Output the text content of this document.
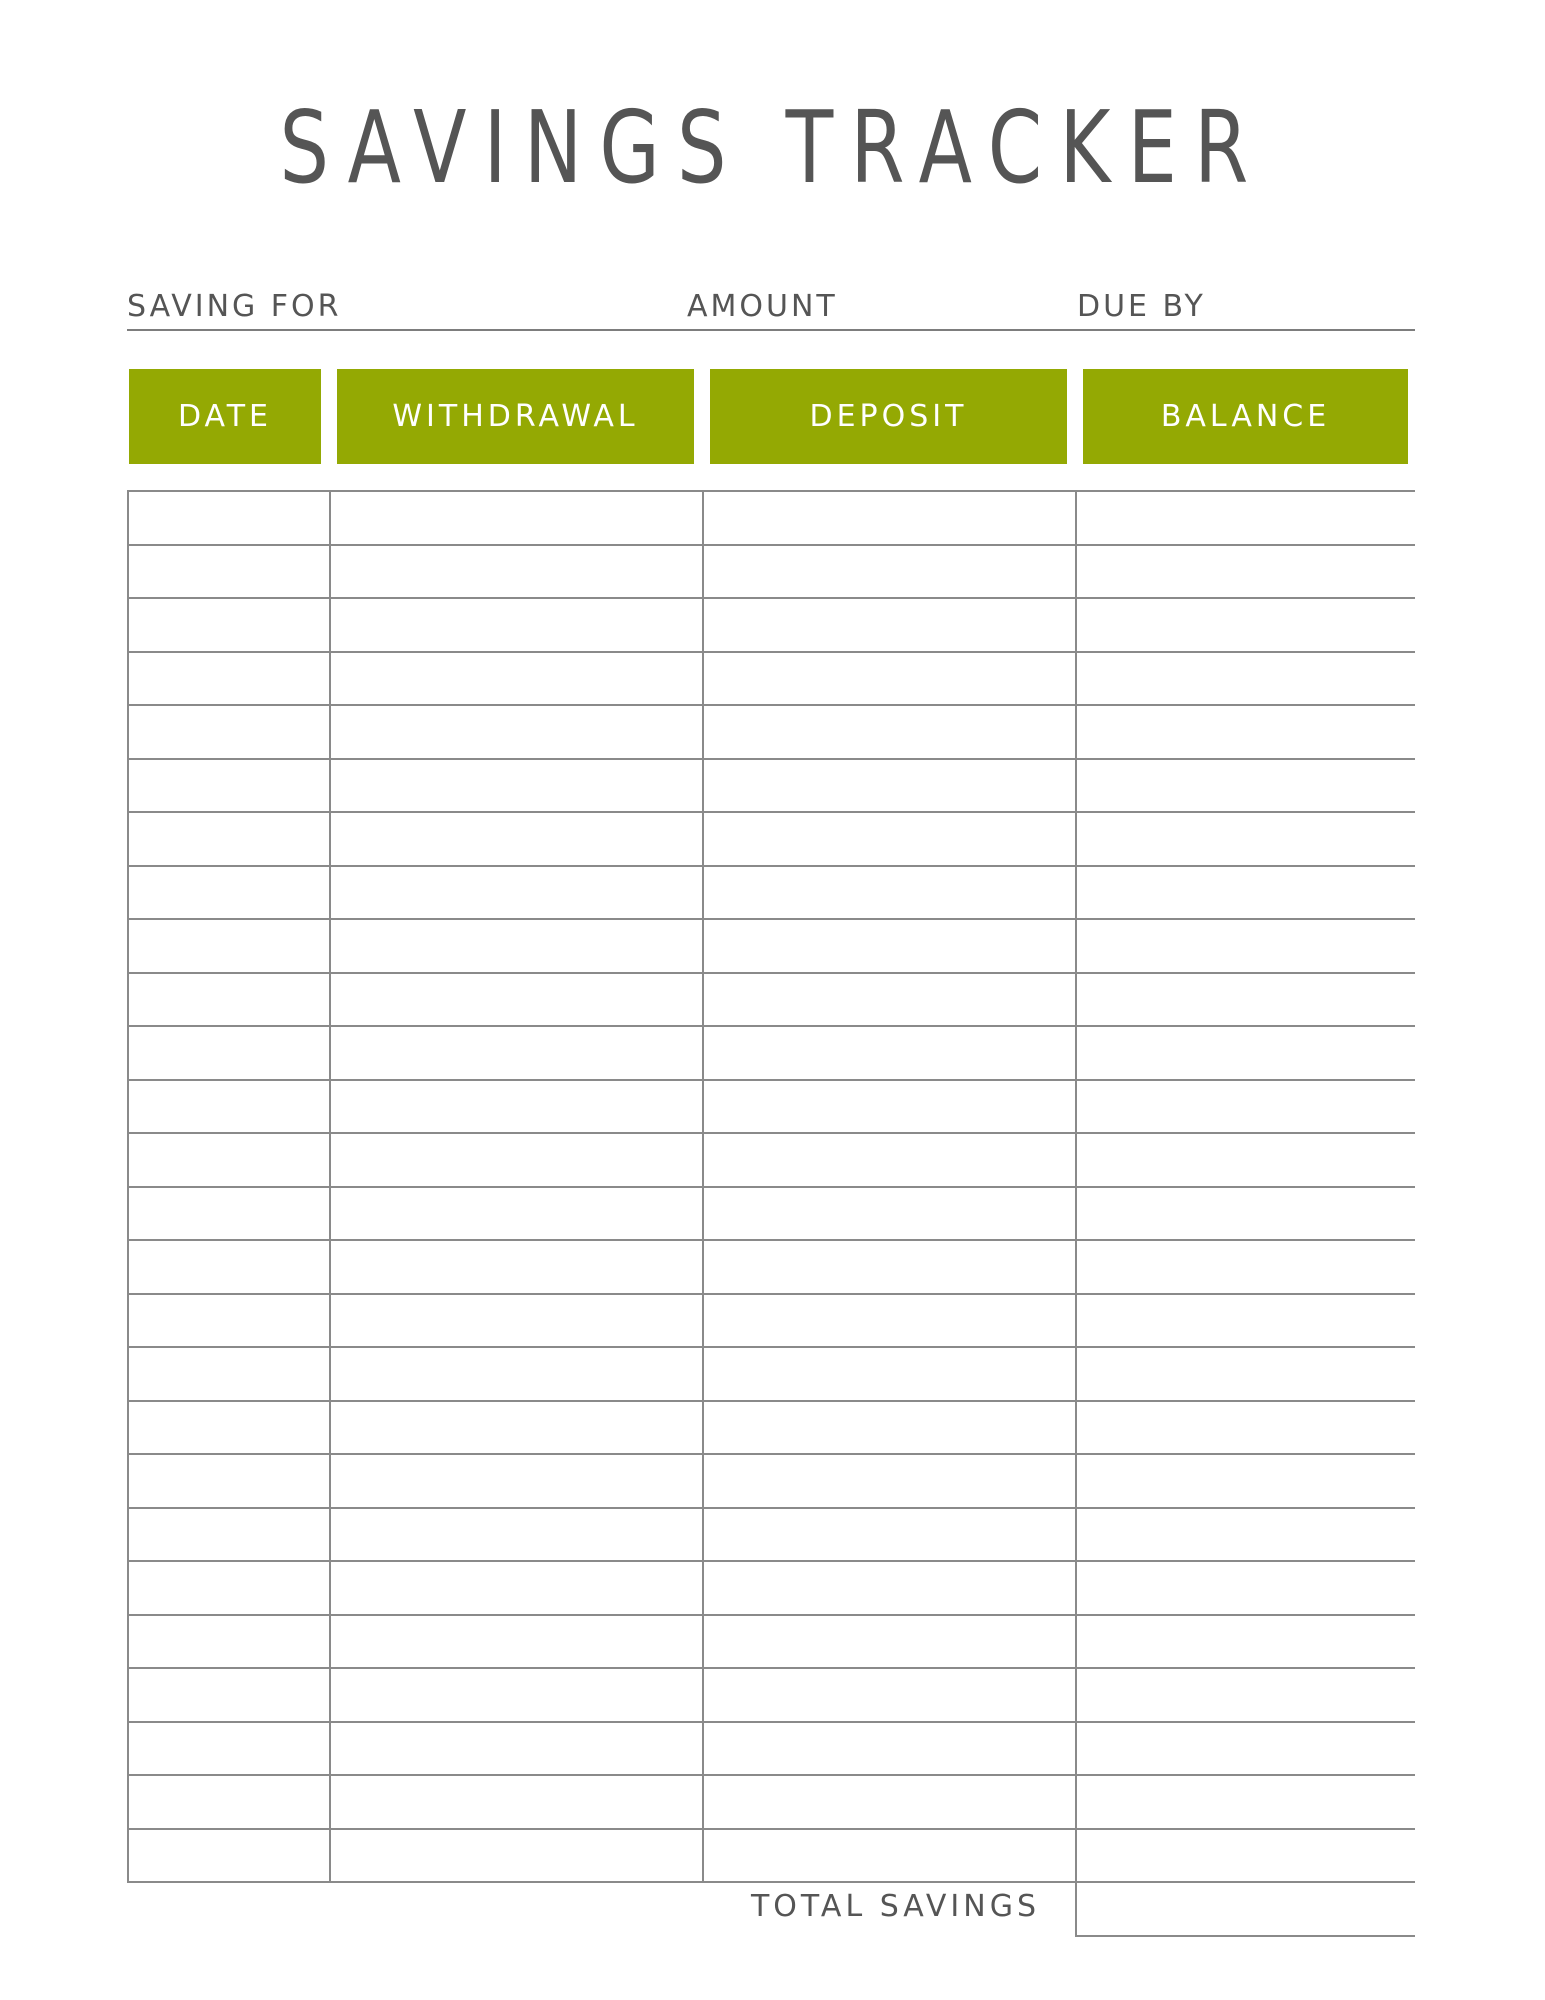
SAVINGS TRACKER
SAVING FOR	AMOUNT	DUE BY
DATE	WITHDRAWAL	DEPOSIT	BALANCE
TOTAL SAVINGS
